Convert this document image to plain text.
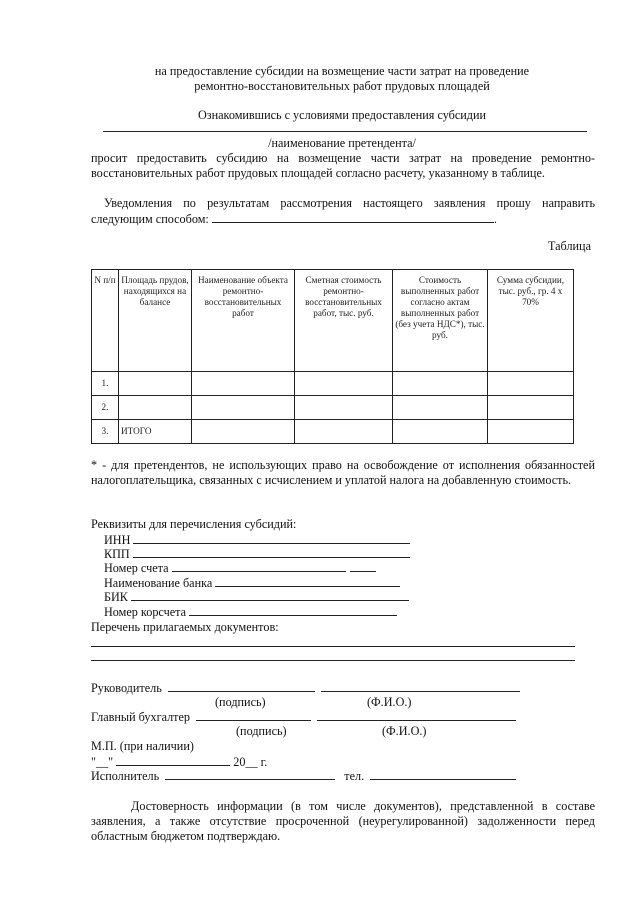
на предоставление субсидии на возмещение части затрат на проведение
ремонтно-восстановительных работ прудовых площадей
Ознакомившись с условиями предоставления субсидии
/наименование претендента/
просит предоставить субсидию на возмещение части затрат на проведение ремонтно-восстановительных работ прудовых площадей согласно расчету, указанному в таблице.
Уведомления по результатам рассмотрения настоящего заявления прошу направить
следующим способом:	.
Таблица
N п/п	Площадь прудов, находящихся на балансе	Наименование объекта ремонтно-восстановительных работ	Сметная стоимость ремонтно-восстановительных работ, тыс. руб.	Стоимость выполненных работ согласно актам выполненных работ (без учета НДС*), тыс. руб.	Сумма субсидии, тыс. руб., гр. 4 x 70%
1.					
2.					
3.	ИТОГО				
* - для претендентов, не использующих право на освобождение от исполнения обязанностей налогоплательщика, связанных с исчислением и уплатой налога на добавленную стоимость.
Реквизиты для перечисления субсидий:
ИНН
КПП
Номер счета
Наименование банка
БИК
Номер корсчета
Перечень прилагаемых документов:
Руководитель
(подпись)	(Ф.И.О.)
Главный бухгалтер
(подпись)	(Ф.И.О.)
М.П. (при наличии)
"__"	20__ г.
Исполнитель	тел.
Достоверность информации (в том числе документов), представленной в составе заявления, а также отсутствие просроченной (неурегулированной) задолженности перед областным бюджетом подтверждаю.
